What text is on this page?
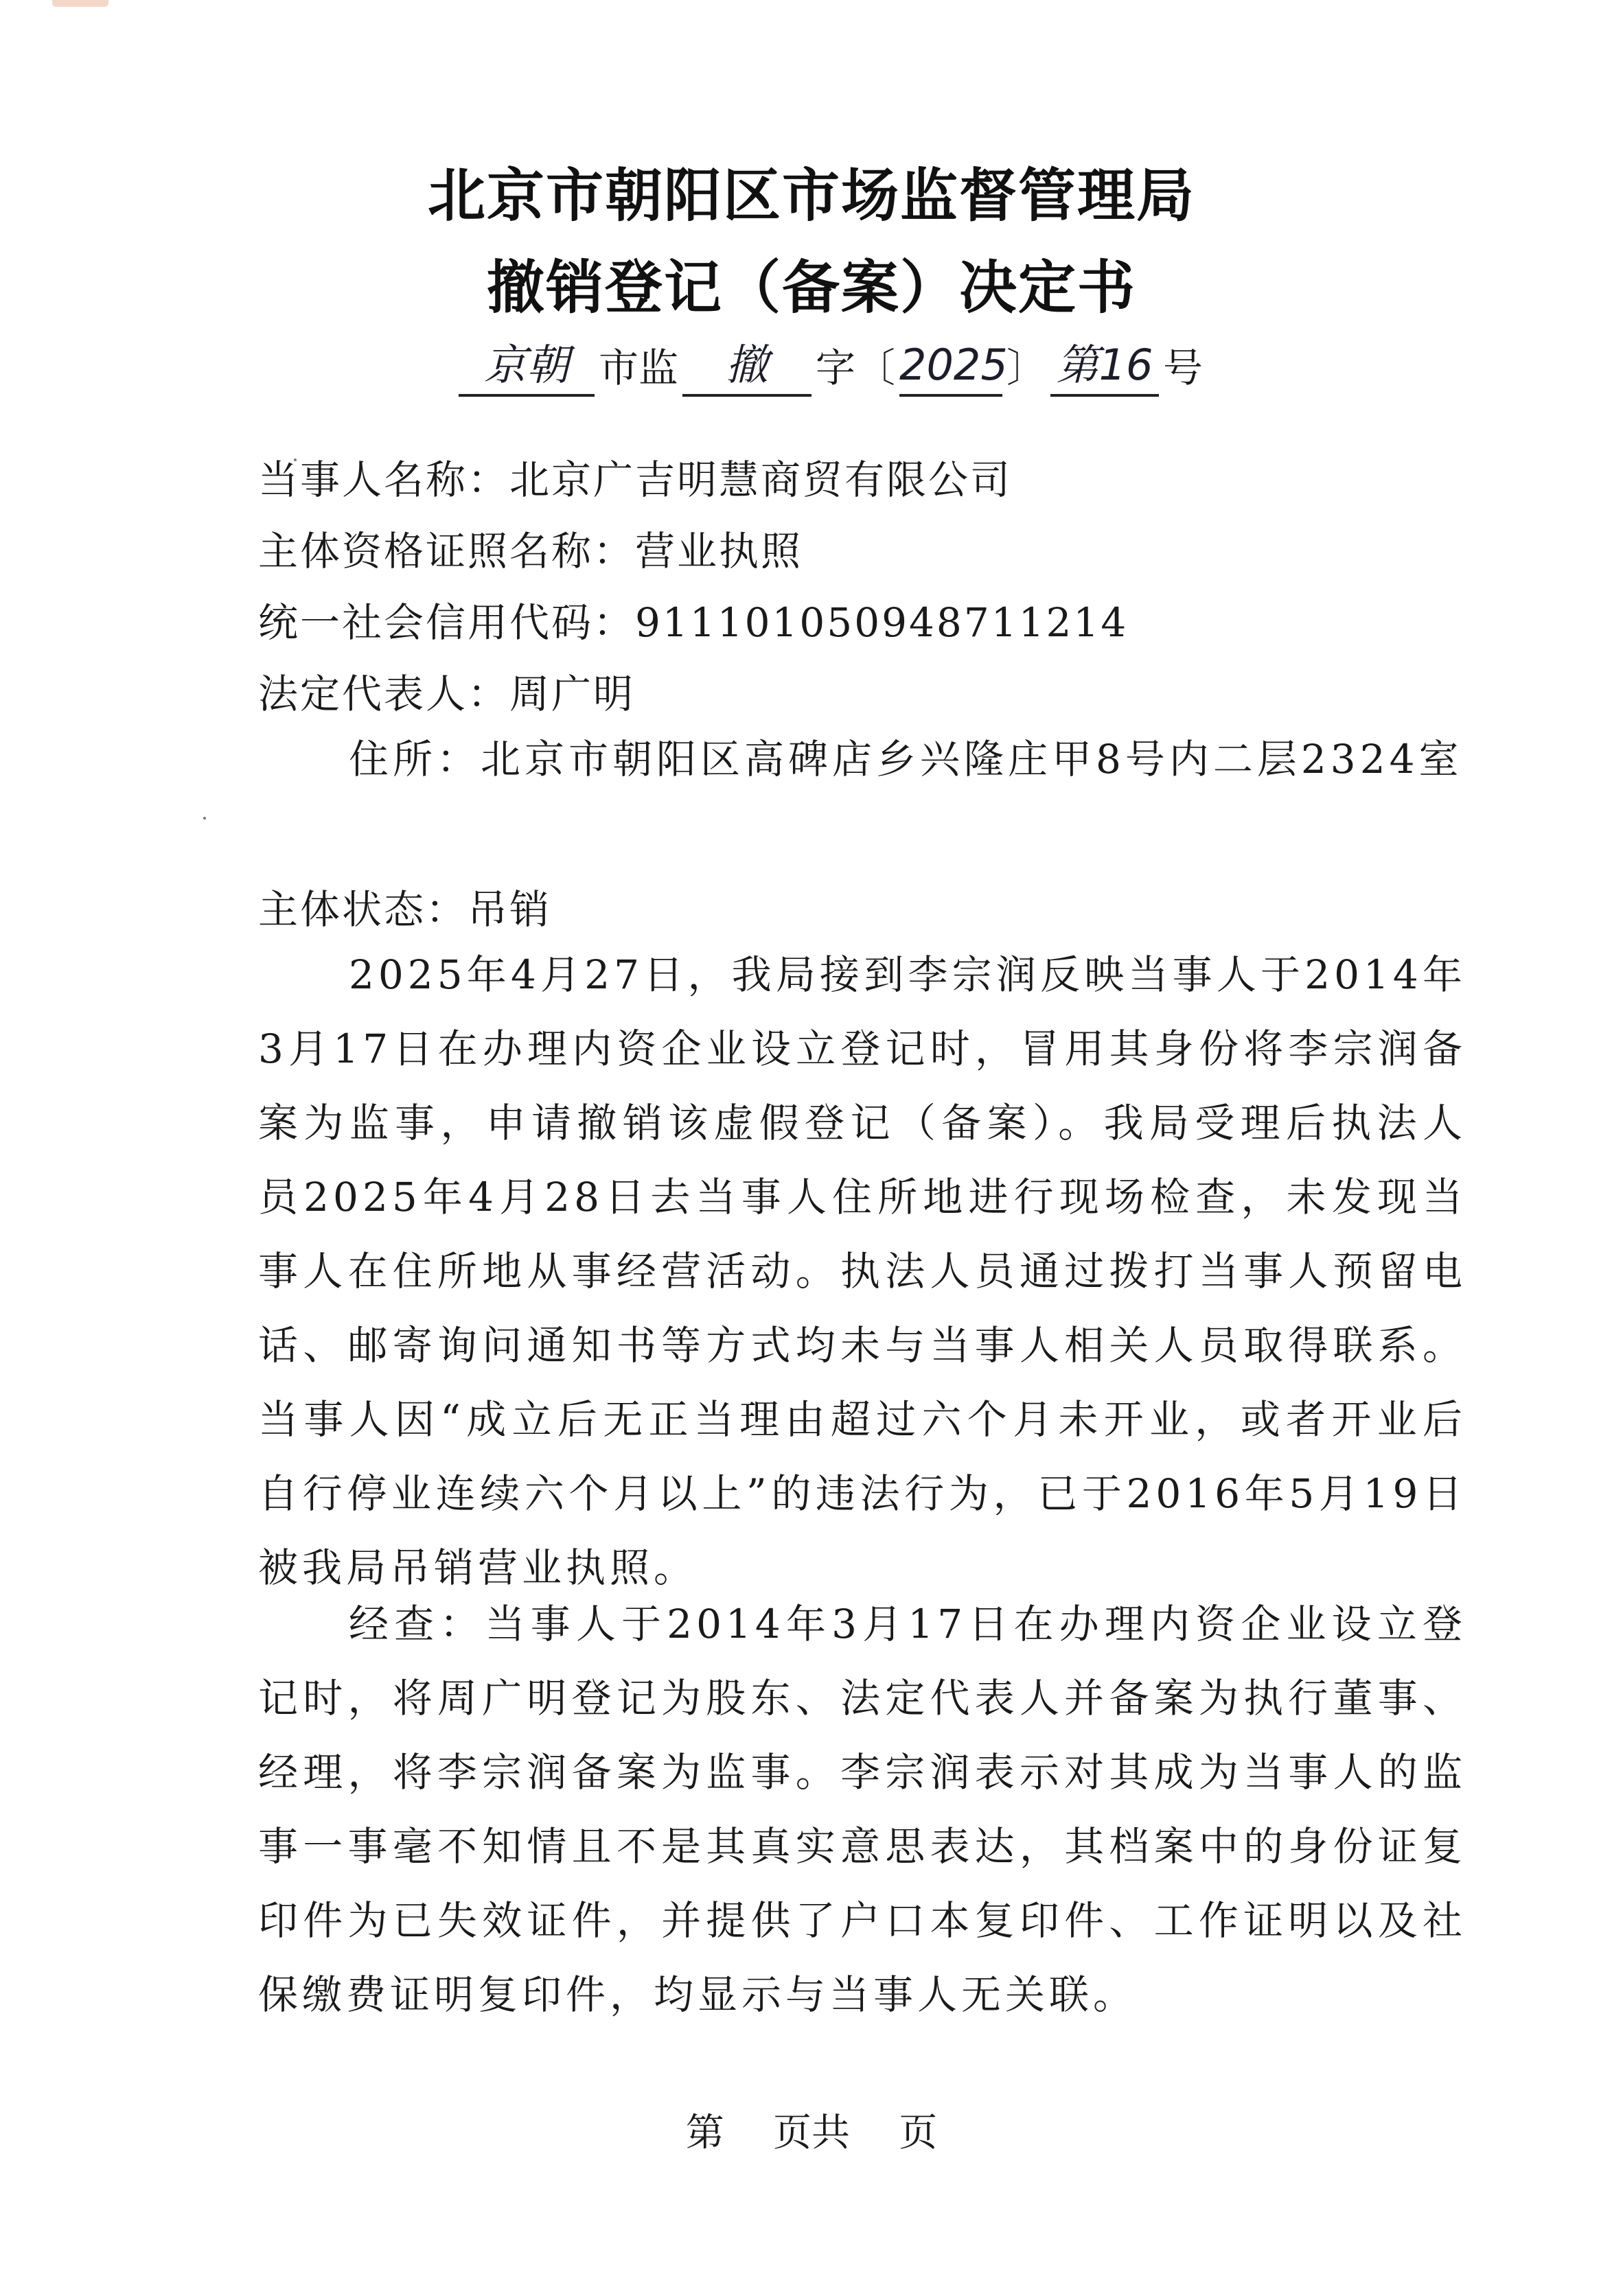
北京市朝阳区市场监督管理局
撤销登记（备案）决定书
京朝 市监	撤	字〔 2025
〕 第16 号
当事人名称：北京广吉明慧商贸有限公司
主体资格证照名称：营业执照
统一社会信用代码：911101050948711214
法定代表人：周广明
住所：北京市朝阳区高碑店乡兴隆庄甲8号内二层2324室
主体状态：吊销
2025年4月27日，我局接到李宗润反映当事人于2014年3月17日在办理内资企业设立登记时，冒用其身份将李宗润备案为监事，申请撤销该虚假登记（备案）。我局受理后执法人员2025年4月28日去当事人住所地进行现场检查，未发现当事人在住所地从事经营活动。执法人员通过拨打当事人预留电话、邮寄询问通知书等方式均未与当事人相关人员取得联系。当事人因“成立后无正当理由超过六个月未开业，或者开业后自行停业连续六个月以上”的违法行为，已于2016年5月19日被我局吊销营业执照。
经查：当事人于2014年3月17日在办理内资企业设立登记时，将周广明登记为股东、法定代表人并备案为执行董事、经理，将李宗润备案为监事。李宗润表示对其成为当事人的监事一事毫不知情且不是其真实意思表达，其档案中的身份证复印件为已失效证件，并提供了户口本复印件、工作证明以及社保缴费证明复印件，均显示与当事人无关联。
第    页共    页
